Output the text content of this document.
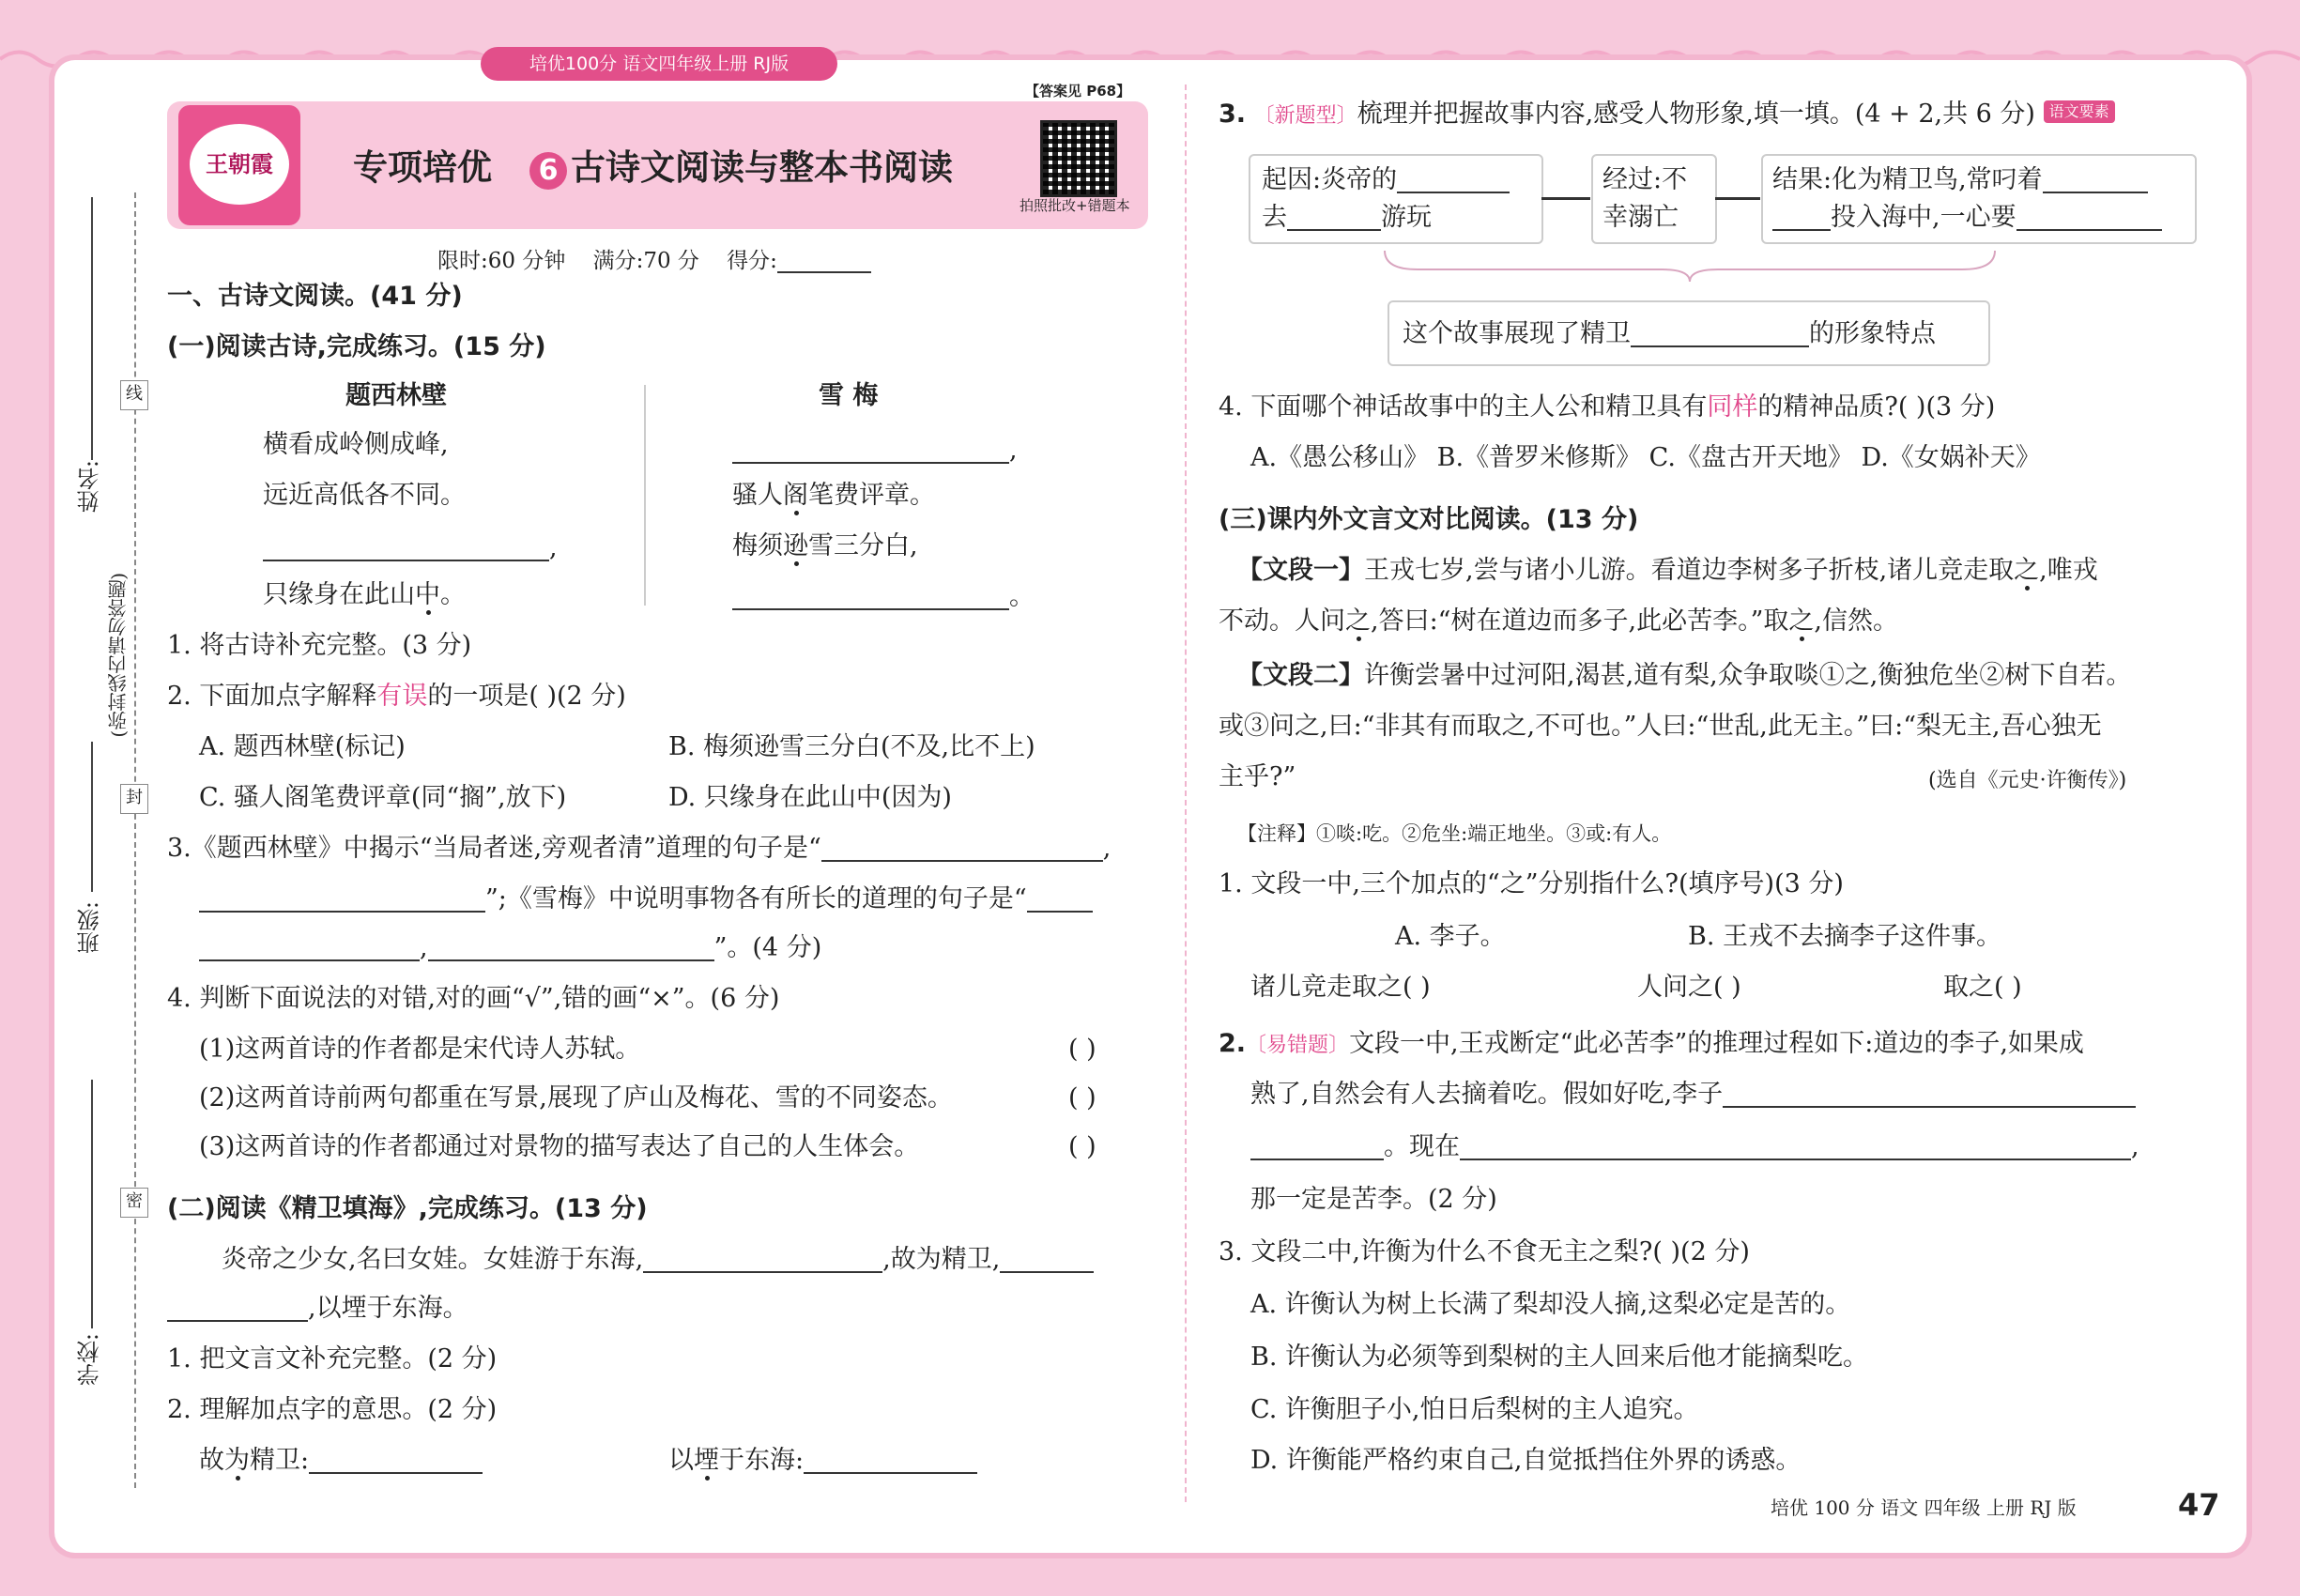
培优100分 语文四年级上册 RJ版
姓名:
班级:
学校:
线
封
密
(弥封线内请勿答题)
王朝霞	专项培优 6 古诗文阅读与整本书阅读
【答案见 P68】
拍照批改+错题本
限时:60 分钟 满分:70 分 得分:
一、古诗文阅读。(41 分)
(一)阅读古诗,完成练习。(15 分)
题西林壁
横看成岭侧成峰,
远近高低各不同。
,
只缘身在此山中。
雪 梅
,
骚人阁笔费评章。
梅须逊雪三分白,
。
1. 将古诗补充完整。(3 分)
2. 下面加点字解释有误的一项是( )(2 分)
A. 题西林壁(标记)	B. 梅须逊雪三分白(不及,比不上)
C. 骚人阁笔费评章(同“搁”,放下)	D. 只缘身在此山中(因为)
3.《题西林壁》中揭示“当局者迷,旁观者清”道理的句子是“	,
”;《雪梅》中说明事物各有所长的道理的句子是“
,	”。(4 分)
4. 判断下面说法的对错,对的画“√”,错的画“×”。(6 分)
(1)这两首诗的作者都是宋代诗人苏轼。	( )
(2)这两首诗前两句都重在写景,展现了庐山及梅花、雪的不同姿态。	( )
(3)这两首诗的作者都通过对景物的描写表达了自己的人生体会。	( )
(二)阅读《精卫填海》,完成练习。(13 分)
炎帝之少女,名曰女娃。女娃游于东海,	,故为精卫,
,以堙于东海。
1. 把文言文补充完整。(2 分)
2. 理解加点字的意思。(2 分)
故为精卫:	以堙于东海:
3. 〔新题型〕梳理并把握故事内容,感受人物形象,填一填。(4 + 2,共 6 分) 语文要素
起因:炎帝的
去	游玩
经过:不
幸溺亡
结果:化为精卫鸟,常叼着
投入海中,一心要
这个故事展现了精卫	的形象特点
4. 下面哪个神话故事中的主人公和精卫具有同样的精神品质?( )(3 分)
A.《愚公移山》 B.《普罗米修斯》 C.《盘古开天地》 D.《女娲补天》
(三)课内外文言文对比阅读。(13 分)
【文段一】王戎七岁,尝与诸小儿游。看道边李树多子折枝,诸儿竞走取之,唯戎
不动。人问之,答曰:“树在道边而多子,此必苦李。”取之,信然。
【文段二】许衡尝暑中过河阳,渴甚,道有梨,众争取啖①之,衡独危坐②树下自若。
或③问之,曰:“非其有而取之,不可也。”人曰:“世乱,此无主。”曰:“梨无主,吾心独无
主乎?”	(选自《元史·许衡传》)
【注释】①啖:吃。②危坐:端正地坐。③或:有人。
1. 文段一中,三个加点的“之”分别指什么?(填序号)(3 分)
A. 李子。	B. 王戎不去摘李子这件事。
诸儿竞走取之( )	人问之( )	取之( )
2.〔易错题〕文段一中,王戎断定“此必苦李”的推理过程如下:道边的李子,如果成
熟了,自然会有人去摘着吃。假如好吃,李子
。现在	,
那一定是苦李。(2 分)
3. 文段二中,许衡为什么不食无主之梨?( )(2 分)
A. 许衡认为树上长满了梨却没人摘,这梨必定是苦的。
B. 许衡认为必须等到梨树的主人回来后他才能摘梨吃。
C. 许衡胆子小,怕日后梨树的主人追究。
D. 许衡能严格约束自己,自觉抵挡住外界的诱惑。
培优 100 分 语文 四年级 上册 RJ 版	47
